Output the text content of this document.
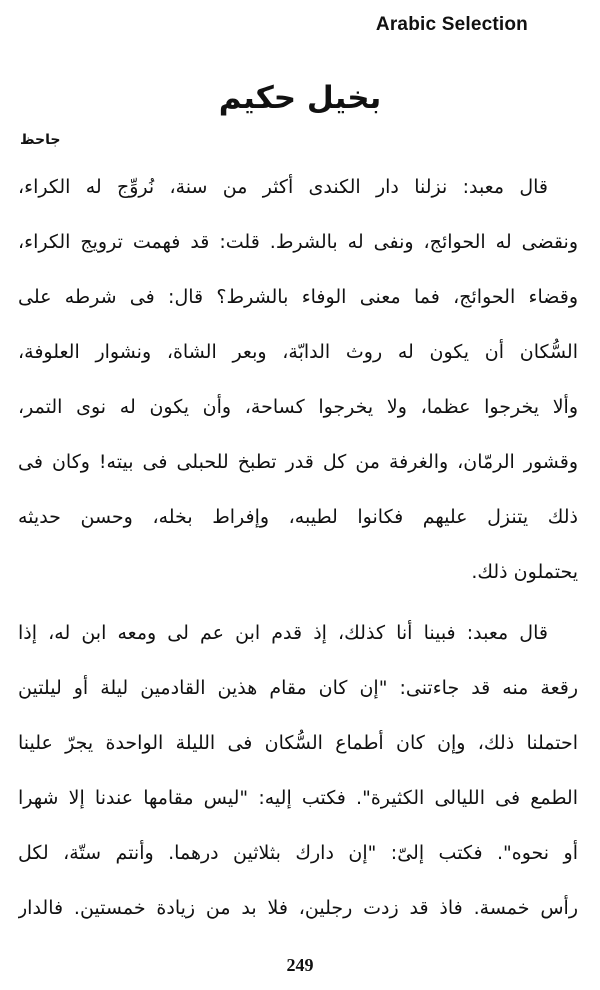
Arabic Selection
بخيل حكيم
جاحظ
قال معبد: نزلنا دار الكندى أكثر من سنة، نُروِّج له الكراء،
ونقضى له الحوائج، ونفى له بالشرط. قلت: قد فهمت ترويج الكراء،
وقضاء الحوائج، فما معنى الوفاء بالشرط؟ قال: فى شرطه على
السُّكان أن يكون له روث الدابّة، وبعر الشاة، ونشوار العلوفة،
وألا يخرجوا عظما، ولا يخرجوا كساحة، وأن يكون له نوى التمر،
وقشور الرمّان، والغرفة من كل قدر تطبخ للحبلى فى بيته! وكان فى
ذلك يتنزل عليهم فكانوا لطيبه، وإفراط بخله، وحسن حديثه
يحتملون ذلك.
قال معبد: فبينا أنا كذلك، إذ قدم ابن عم لى ومعه ابن له، إذا
رقعة منه قد جاءتنى: "إن كان مقام هذين القادمين ليلة أو ليلتين
احتملنا ذلك، وإن كان أطماع السُّكان فى الليلة الواحدة يجرّ علينا
الطمع فى الليالى الكثيرة". فكتب إليه: "ليس مقامها عندنا إلا شهرا
أو نحوه". فكتب إلىّ: "إن دارك بثلاثين درهما. وأنتم ستّة، لكل
رأس خمسة. فاذ قد زدت رجلين، فلا بد من زيادة خمستين. فالدار
249
